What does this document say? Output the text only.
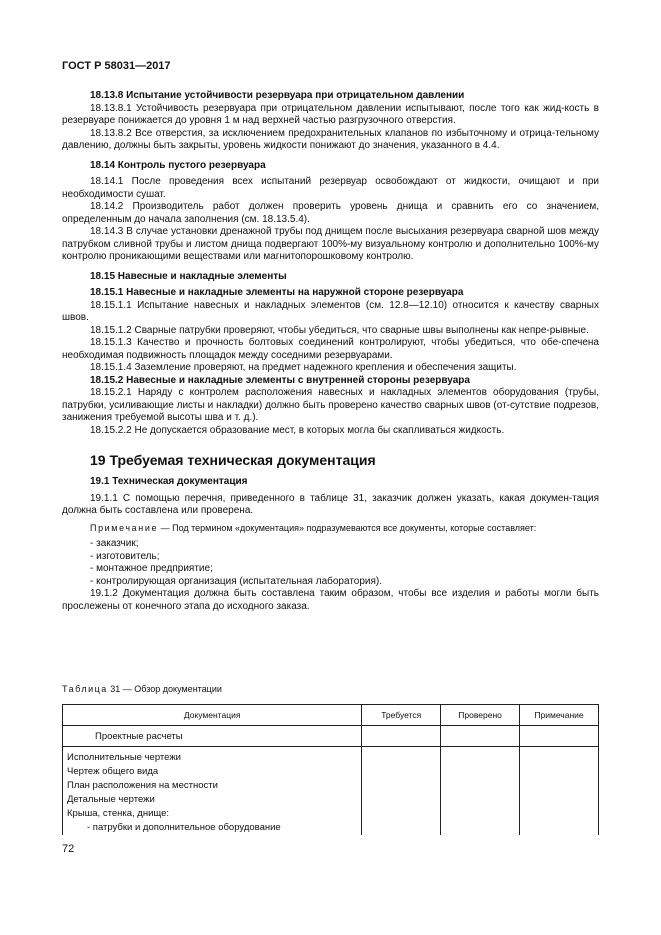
ГОСТ Р 58031—2017

18.13.8 Испытание устойчивости резервуара при отрицательном давлении

18.13.8.1 Устойчивость резервуара при отрицательном давлении испытывают, после того как жид-кость в резервуаре понижается до уровня 1 м над верхней частью разгрузочного отверстия.

18.13.8.2 Все отверстия, за исключением предохранительных клапанов по избыточному и отрица-тельному давлению, должны быть закрыты, уровень жидкости понижают до значения, указанного в 4.4.

18.14 Контроль пустого резервуара

18.14.1 После проведения всех испытаний резервуар освобождают от жидкости, очищают и при необходимости сушат.

18.14.2 Производитель работ должен проверить уровень днища и сравнить его со значением, определенным до начала заполнения (см. 18.13.5.4).

18.14.3 В случае установки дренажной трубы под днищем после высыхания резервуара сварной шов между патрубком сливной трубы и листом днища подвергают 100%-му визуальному контролю и дополнительно 100%-му контролю проникающими веществами или магнитопорошковому контролю.

18.15 Навесные и накладные элементы

18.15.1 Навесные и накладные элементы на наружной стороне резервуара

18.15.1.1 Испытание навесных и накладных элементов (см. 12.8—12.10) относится к качеству сварных швов.

18.15.1.2 Сварные патрубки проверяют, чтобы убедиться, что сварные швы выполнены как непре-рывные.

18.15.1.3 Качество и прочность болтовых соединений контролируют, чтобы убедиться, что обе-спечена необходимая подвижность площадок между соседними резервуарами.

18.15.1.4 Заземление проверяют, на предмет надежного крепления и обеспечения защиты.

18.15.2 Навесные и накладные элементы с внутренней стороны резервуара

18.15.2.1 Наряду с контролем расположения навесных и накладных элементов оборудования (трубы, патрубки, усиливающие листы и накладки) должно быть проверено качество сварных швов (от-сутствие подрезов, занижения требуемой высоты шва и т. д.).

18.15.2.2 Не допускается образование мест, в которых могла бы скапливаться жидкость.

19 Требуемая техническая документация

19.1 Техническая документация

19.1.1 С помощью перечня, приведенного в таблице 31, заказчик должен указать, какая докумен-тация должна быть составлена или проверена.

Примечание — Под термином «документация» подразумеваются все документы, которые составляет:

- заказчик;

- изготовитель;

- монтажное предприятие;

- контролирующая организация (испытательная лаборатория).

19.1.2 Документация должна быть составлена таким образом, чтобы все изделия и работы могли быть прослежены от конечного этапа до исходного заказа.

Таблица 31 — Обзор документации
Документация	Требуется	Проверено	Примечание
Проектные расчеты			
Исполнительные чертежи			
Чертеж общего вида			
План расположения на местности			
Детальные чертежи			
Крыша, стенка, днище:			
- патрубки и дополнительное оборудование			
72
